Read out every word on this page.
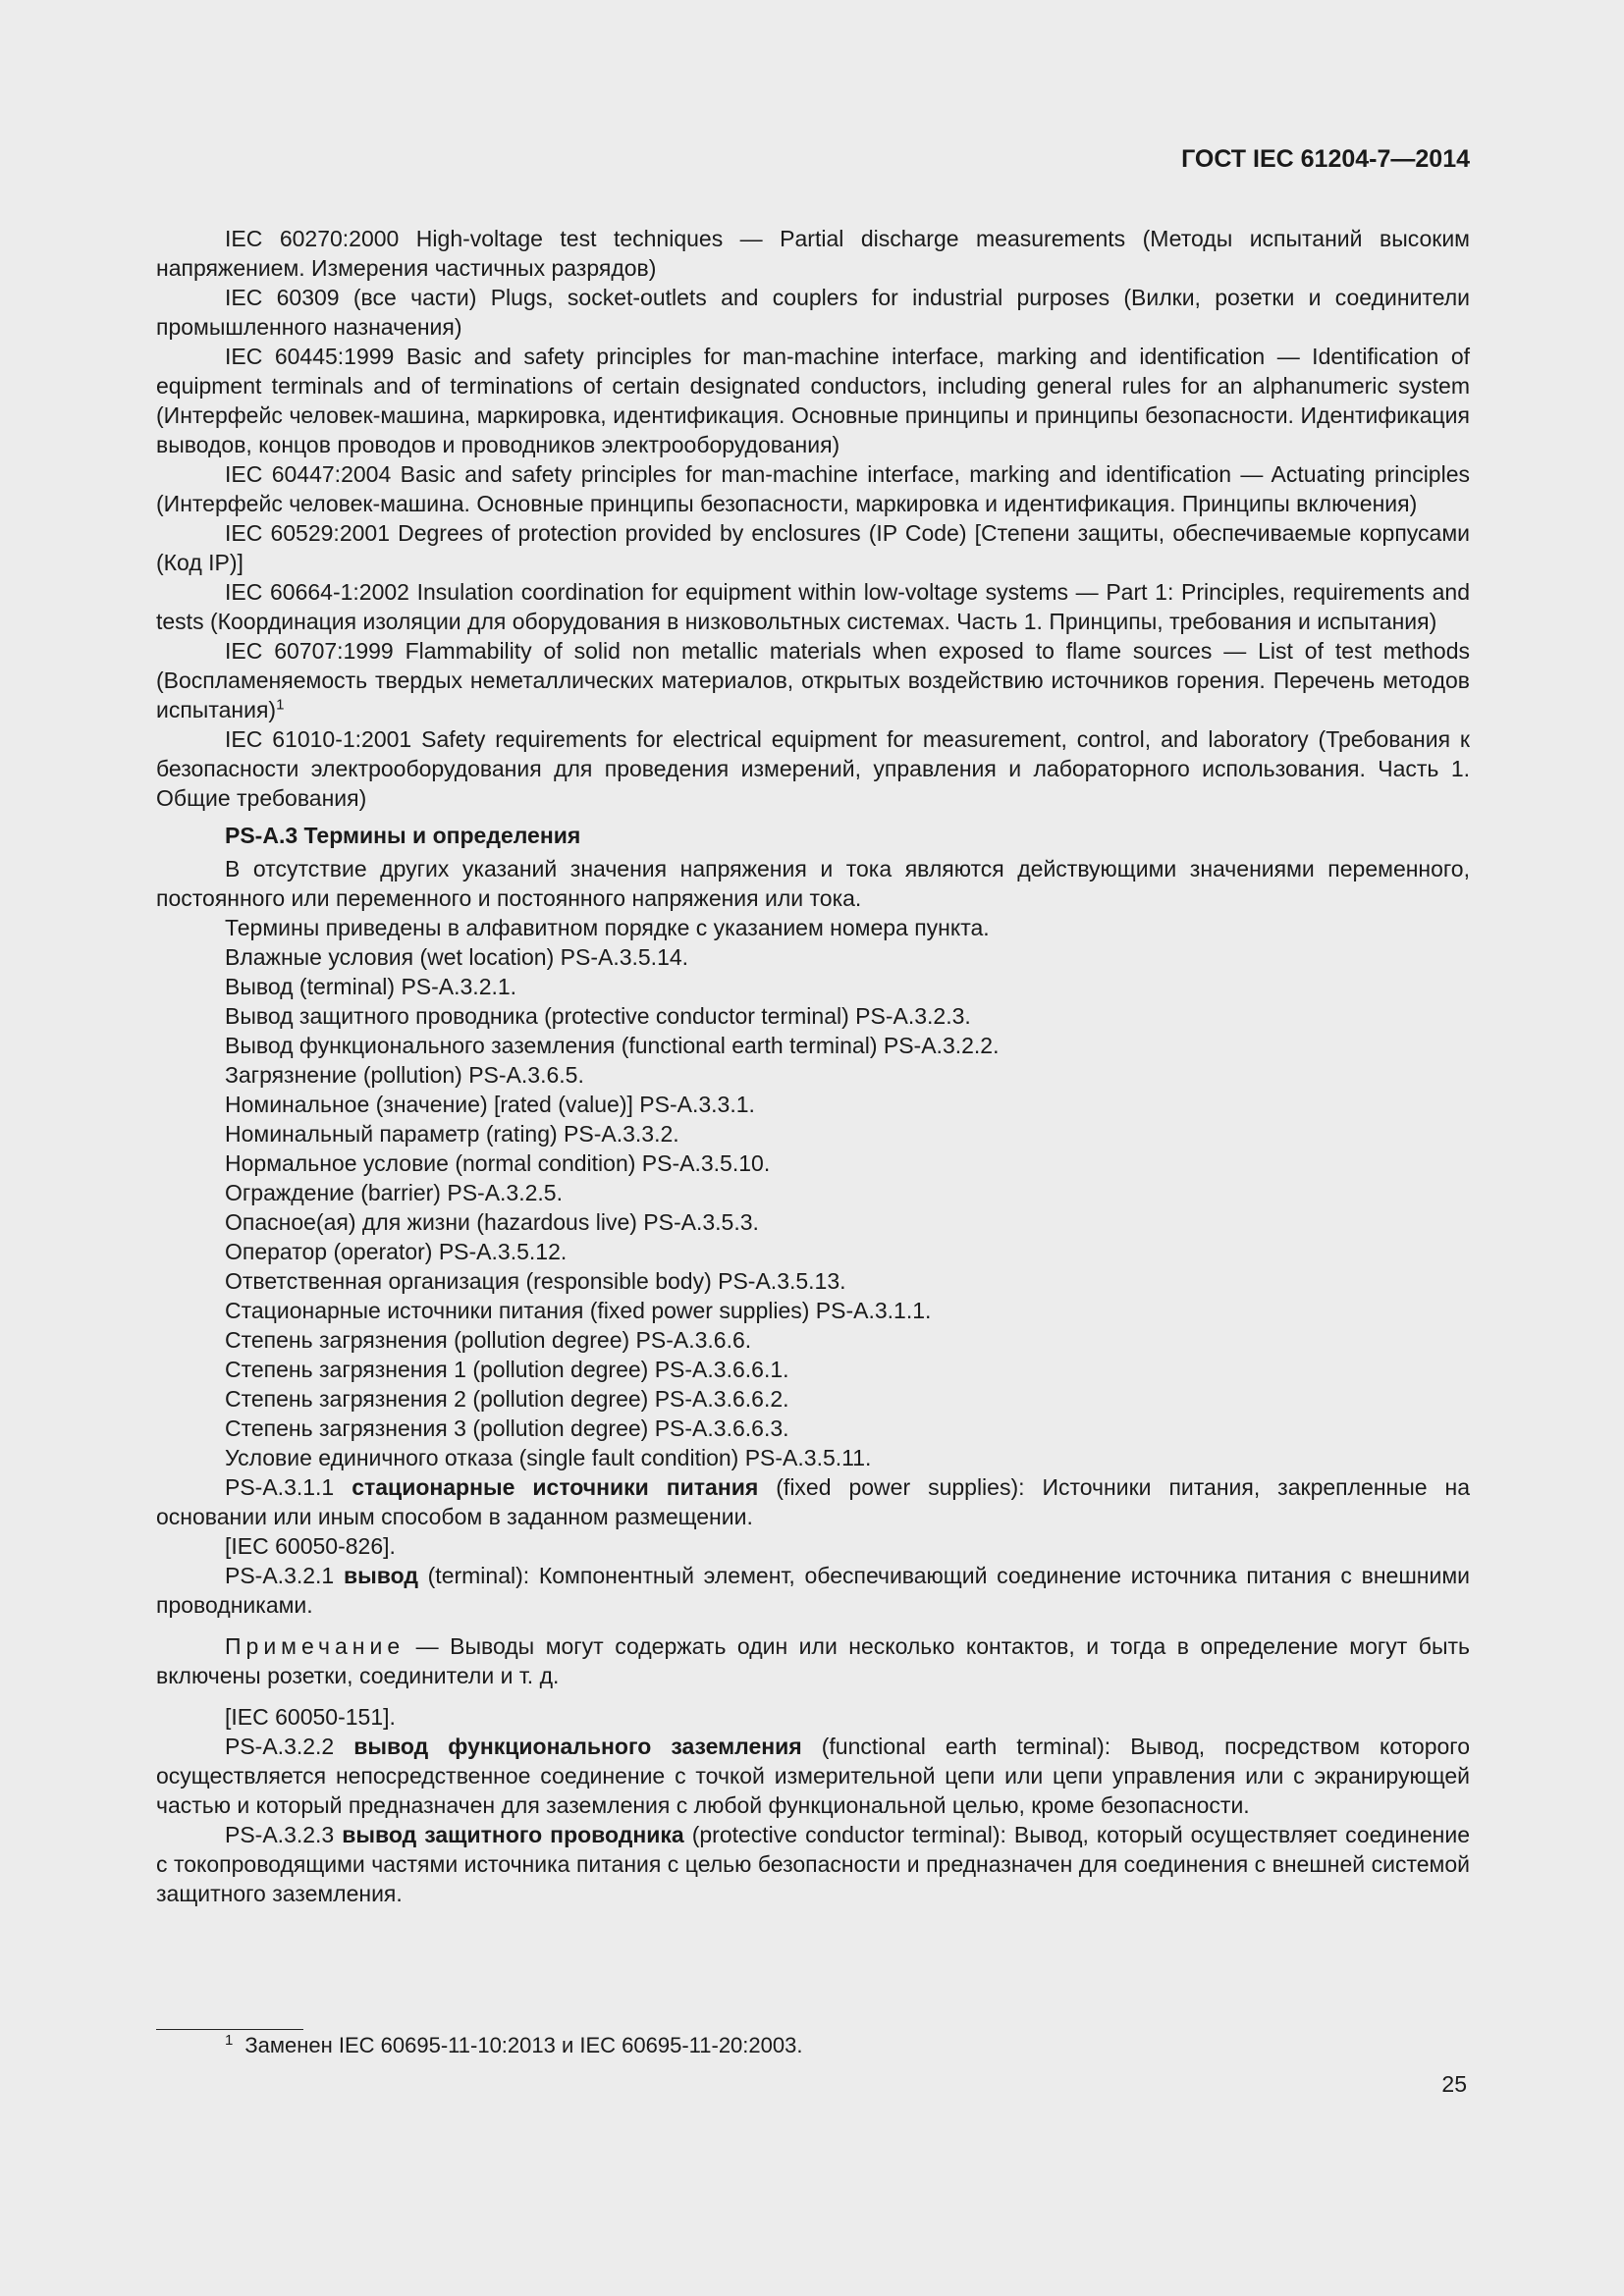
ГОСТ IEC 61204-7—2014

IEC 60270:2000 High-voltage test techniques — Partial discharge measurements (Методы испытаний высоким напряжением. Измерения частичных разрядов)

IEC 60309 (все части) Plugs, socket-outlets and couplers for industrial purposes (Вилки, розетки и соединители промышленного назначения)

IEC 60445:1999 Basic and safety principles for man-machine interface, marking and identification — Identification of equipment terminals and of terminations of certain designated conductors, including general rules for an alphanumeric system (Интерфейс человек-машина, маркировка, идентификация. Основные принципы и принципы безопасности. Идентификация выводов, концов проводов и проводников электрооборудования)

IEC 60447:2004 Basic and safety principles for man-machine interface, marking and identification — Actuating principles (Интерфейс человек-машина. Основные принципы безопасности, маркировка и идентификация. Принципы включения)

IEC 60529:2001 Degrees of protection provided by enclosures (IP Code) [Степени защиты, обеспечиваемые корпусами (Код IP)]

IEC 60664-1:2002 Insulation coordination for equipment within low-voltage systems — Part 1: Principles, requirements and tests (Координация изоляции для оборудования в низковольтных системах. Часть 1. Принципы, требования и испытания)

IEC 60707:1999 Flammability of solid non metallic materials when exposed to flame sources — List of test methods (Воспламеняемость твердых неметаллических материалов, открытых воздействию источников горения. Перечень методов испытания)$^1$

IEC 61010-1:2001 Safety requirements for electrical equipment for measurement, control, and laboratory (Требования к безопасности электрооборудования для проведения измерений, управления и лабораторного использования. Часть 1. Общие требования)

PS-A.3 Термины и определения

В отсутствие других указаний значения напряжения и тока являются действующими значениями переменного, постоянного или переменного и постоянного напряжения или тока.

Термины приведены в алфавитном порядке с указанием номера пункта.

Влажные условия (wet location) PS-A.3.5.14.

Вывод (terminal) PS-A.3.2.1.

Вывод защитного проводника (protective conductor terminal) PS-A.3.2.3.

Вывод функционального заземления (functional earth terminal) PS-A.3.2.2.

Загрязнение (pollution) PS-A.3.6.5.

Номинальное (значение) [rated (value)] PS-A.3.3.1.

Номинальный параметр (rating) PS-A.3.3.2.

Нормальное условие (normal condition) PS-A.3.5.10.

Ограждение (barrier) PS-A.3.2.5.

Опасное(ая) для жизни (hazardous live) PS-A.3.5.3.

Оператор (operator) PS-A.3.5.12.

Ответственная организация (responsible body) PS-A.3.5.13.

Стационарные источники питания (fixed power supplies) PS-A.3.1.1.

Степень загрязнения (pollution degree) PS-A.3.6.6.

Степень загрязнения 1 (pollution degree) PS-A.3.6.6.1.

Степень загрязнения 2 (pollution degree) PS-A.3.6.6.2.

Степень загрязнения 3 (pollution degree) PS-A.3.6.6.3.

Условие единичного отказа (single fault condition) PS-A.3.5.11.

PS-A.3.1.1 стационарные источники питания (fixed power supplies): Источники питания, закрепленные на основании или иным способом в заданном размещении.

[IEC 60050-826].

PS-A.3.2.1 вывод (terminal): Компонентный элемент, обеспечивающий соединение источника питания с внешними проводниками.

Примечание — Выводы могут содержать один или несколько контактов, и тогда в определение могут быть включены розетки, соединители и т. д.

[IEC 60050-151].

PS-A.3.2.2 вывод функционального заземления (functional earth terminal): Вывод, посредством которого осуществляется непосредственное соединение с точкой измерительной цепи или цепи управления или с экранирующей частью и который предназначен для заземления с любой функциональной целью, кроме безопасности.

PS-A.3.2.3 вывод защитного проводника (protective conductor terminal): Вывод, который осуществляет соединение с токопроводящими частями источника питания с целью безопасности и предназначен для соединения с внешней системой защитного заземления.

$^1$ Заменен IEC 60695-11-10:2013 и IEC 60695-11-20:2003.
25
